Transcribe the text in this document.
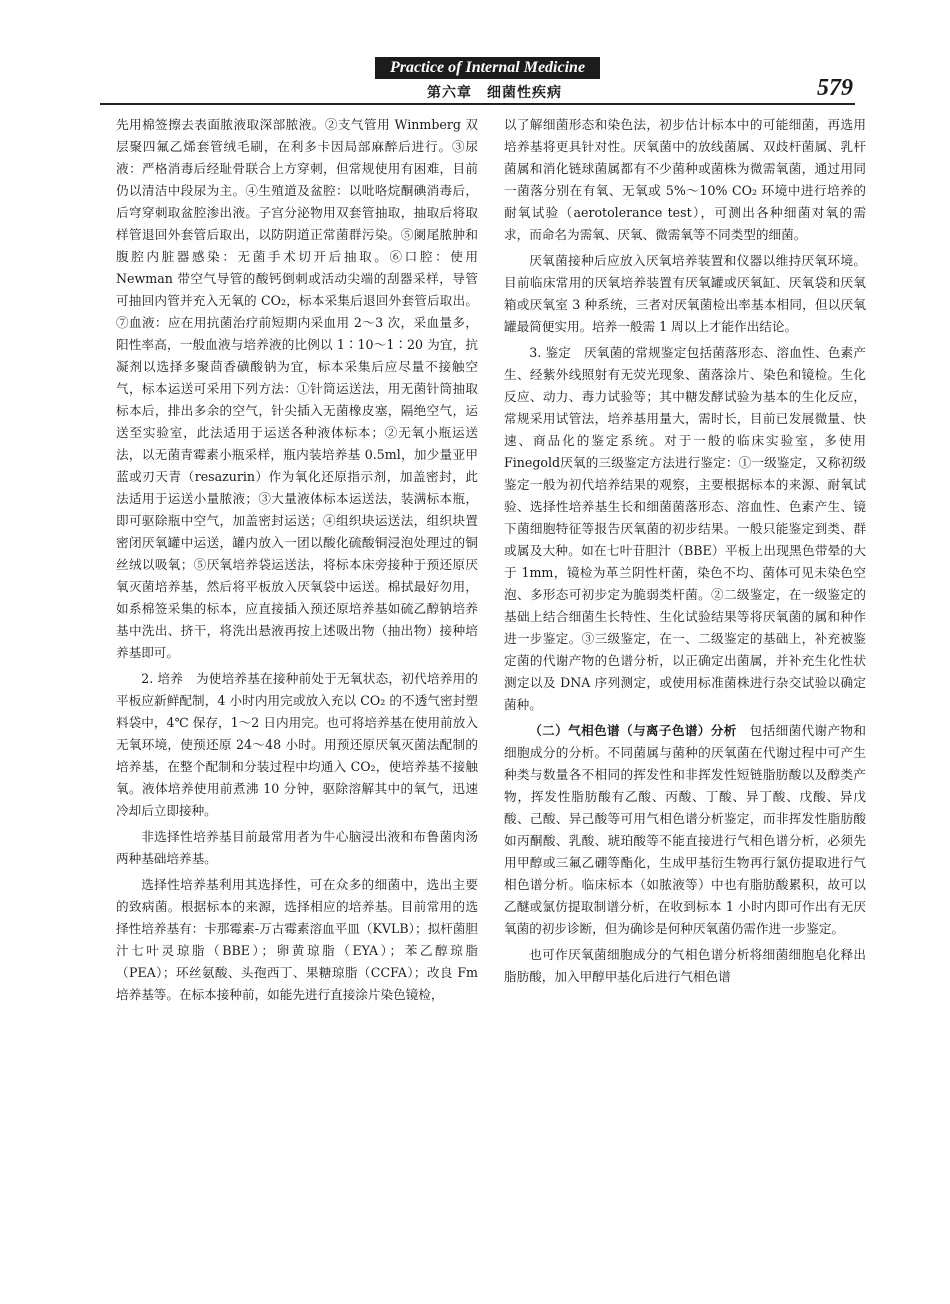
Practice of Internal Medicine
第六章　细菌性疾病	579

先用棉签擦去表面脓液取深部脓液。②支气管用 Winmberg 双层聚四氟乙烯套管绒毛刷，在利多卡因局部麻醉后进行。③尿液：严格消毒后经耻骨联合上方穿刺，但常规使用有困难，目前仍以清洁中段尿为主。④生殖道及盆腔：以吡咯烷酮碘消毒后，后穹穿刺取盆腔渗出液。子宫分泌物用双套管抽取，抽取后将取样管退回外套管后取出，以防阴道正常菌群污染。⑤阑尾脓肿和腹腔内脏器感染：无菌手术切开后抽取。⑥口腔：使用 Newman 带空气导管的酸钙倒刺或活动尖端的刮器采样，导管可抽回内管并充入无氧的 CO₂，标本采集后退回外套管后取出。⑦血液：应在用抗菌治疗前短期内采血用 2～3 次，采血量多，阳性率高，一般血液与培养液的比例以 1∶10～1∶20 为宜，抗凝剂以选择多聚茴香磺酸钠为宜，标本采集后应尽量不接触空气，标本运送可采用下列方法：①针筒运送法，用无菌针筒抽取标本后，排出多余的空气，针尖插入无菌橡皮塞，隔绝空气，运送至实验室，此法适用于运送各种液体标本；②无氧小瓶运送法，以无菌青霉素小瓶采样，瓶内装培养基 0.5ml，加少量亚甲蓝或刃天青（resazurin）作为氧化还原指示剂，加盖密封，此法适用于运送小量脓液；③大量液体标本运送法，装满标本瓶，即可驱除瓶中空气，加盖密封运送；④组织块运送法，组织块置密闭厌氧罐中运送，罐内放入一团以酸化硫酸铜浸泡处理过的铜丝绒以吸氧；⑤厌氧培养袋运送法，将标本床旁接种于预还原厌氧灭菌培养基，然后将平板放入厌氧袋中运送。棉拭最好勿用，如系棉签采集的标本，应直接插入预还原培养基如硫乙醇钠培养基中洗出、挤干，将洗出悬液再按上述吸出物（抽出物）接种培养基即可。

2. 培养　为使培养基在接种前处于无氧状态，初代培养用的平板应新鲜配制，4 小时内用完或放入充以 CO₂ 的不透气密封塑料袋中，4℃ 保存，1～2 日内用完。也可将培养基在使用前放入无氧环境，使预还原 24～48 小时。用预还原厌氧灭菌法配制的培养基，在整个配制和分装过程中均通入 CO₂，使培养基不接触氧。液体培养使用前煮沸 10 分钟，驱除溶解其中的氧气，迅速冷却后立即接种。

非选择性培养基目前最常用者为牛心脑浸出液和布鲁菌肉汤两种基础培养基。

选择性培养基利用其选择性，可在众多的细菌中，选出主要的致病菌。根据标本的来源，选择相应的培养基。目前常用的选择性培养基有：卡那霉素-万古霉素溶血平皿（KVLB）；拟杆菌胆汁七叶灵琼脂（BBE）；卵黄琼脂（EYA）；苯乙醇琼脂（PEA）；环丝氨酸、头孢西丁、果糖琼脂（CCFA）；改良 Fm 培养基等。在标本接种前，如能先进行直接涂片染色镜检，

以了解细菌形态和染色法，初步估计标本中的可能细菌，再选用培养基将更具针对性。厌氧菌中的放线菌属、双歧杆菌属、乳杆菌属和消化链球菌属都有不少菌种或菌株为微需氧菌，通过用同一菌落分别在有氧、无氧或 5%～10% CO₂ 环境中进行培养的耐氧试验（aerotolerance test），可测出各种细菌对氧的需求，而命名为需氧、厌氧、微需氧等不同类型的细菌。

厌氧菌接种后应放入厌氧培养装置和仪器以维持厌氧环境。目前临床常用的厌氧培养装置有厌氧罐或厌氧缸、厌氧袋和厌氧箱或厌氧室 3 种系统，三者对厌氧菌检出率基本相同，但以厌氧罐最简便实用。培养一般需 1 周以上才能作出结论。

3. 鉴定　厌氧菌的常规鉴定包括菌落形态、溶血性、色素产生、经紫外线照射有无荧光现象、菌落涂片、染色和镜检。生化反应、动力、毒力试验等；其中糖发酵试验为基本的生化反应，常规采用试管法，培养基用量大，需时长，目前已发展微量、快速、商品化的鉴定系统。对于一般的临床实验室，多使用 Finegold厌氧的三级鉴定方法进行鉴定：①一级鉴定，又称初级鉴定一般为初代培养结果的观察，主要根据标本的来源、耐氧试验、选择性培养基生长和细菌菌落形态、溶血性、色素产生、镜下菌细胞特征等报告厌氧菌的初步结果。一般只能鉴定到类、群或属及大种。如在七叶苷胆汁（BBE）平板上出现黑色带晕的大于 1mm，镜检为革兰阴性杆菌，染色不均、菌体可见未染色空泡、多形态可初步定为脆弱类杆菌。②二级鉴定，在一级鉴定的基础上结合细菌生长特性、生化试验结果等将厌氧菌的属和种作进一步鉴定。③三级鉴定，在一、二级鉴定的基础上，补充被鉴定菌的代谢产物的色谱分析，以正确定出菌属，并补充生化性状测定以及 DNA 序列测定，或使用标准菌株进行杂交试验以确定菌种。

（二）气相色谱（与离子色谱）分析　包括细菌代谢产物和细胞成分的分析。不同菌属与菌种的厌氧菌在代谢过程中可产生种类与数量各不相同的挥发性和非挥发性短链脂肪酸以及醇类产物，挥发性脂肪酸有乙酸、丙酸、丁酸、异丁酸、戊酸、异戊酸、己酸、异己酸等可用气相色谱分析鉴定，而非挥发性脂肪酸如丙酮酸、乳酸、琥珀酸等不能直接进行气相色谱分析，必须先用甲醇或三氟乙硼等酯化，生成甲基衍生物再行氯仿提取进行气相色谱分析。临床标本（如脓液等）中也有脂肪酸累积，故可以乙醚或氯仿提取制谱分析，在收到标本 1 小时内即可作出有无厌氧菌的初步诊断，但为确诊是何种厌氧菌仍需作进一步鉴定。

也可作厌氧菌细胞成分的气相色谱分析将细菌细胞皂化释出脂肪酸，加入甲醇甲基化后进行气相色谱
